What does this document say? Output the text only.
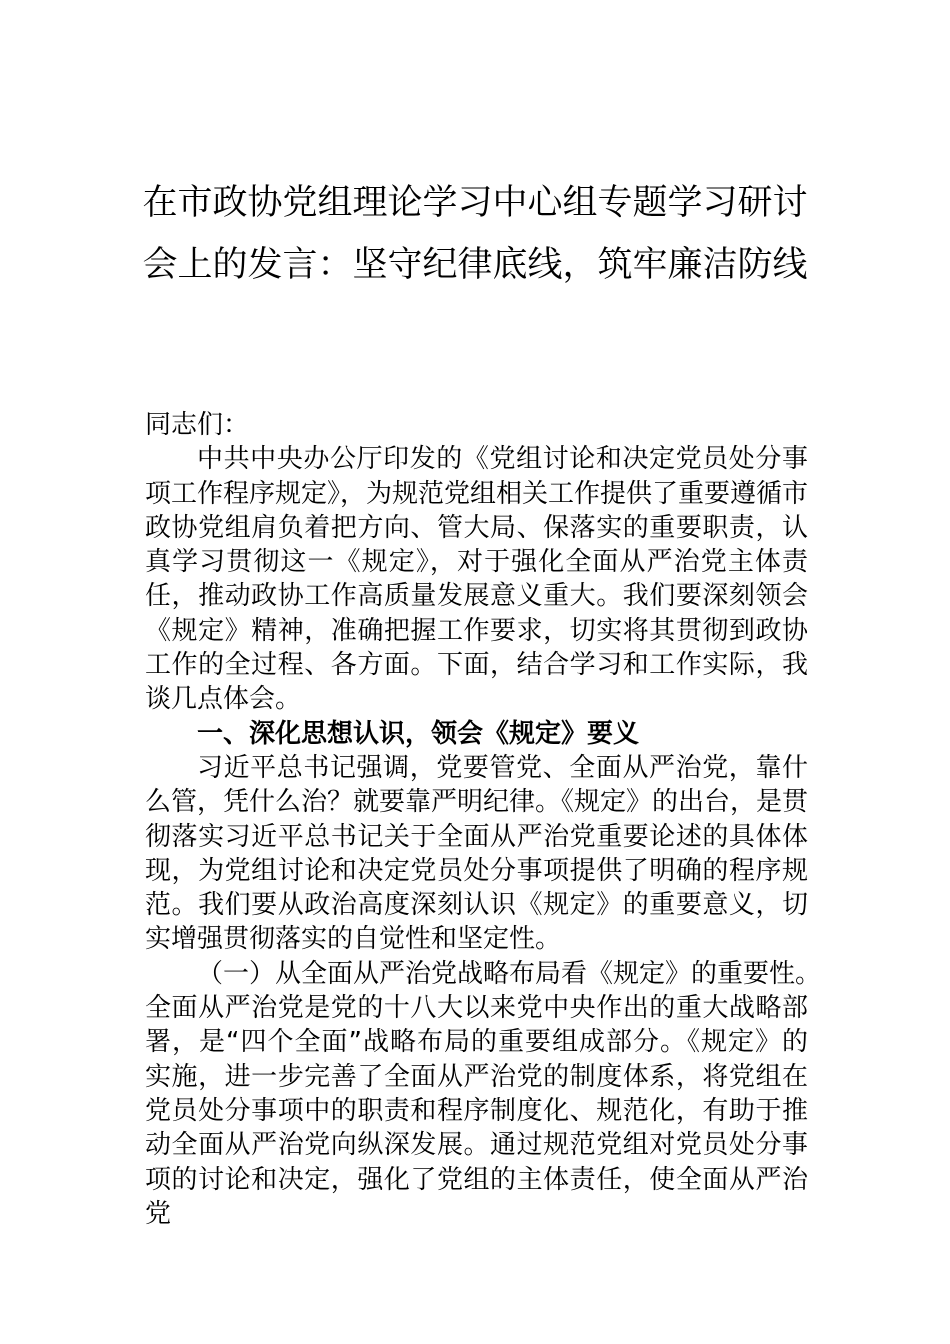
在市政协党组理论学习中心组专题学习研讨会上的发言：坚守纪律底线，筑牢廉洁防线

同志们：

中共中央办公厅印发的《党组讨论和决定党员处分事项工作程序规定》，为规范党组相关工作提供了重要遵循市政协党组肩负着把方向、管大局、保落实的重要职责，认真学习贯彻这一《规定》，对于强化全面从严治党主体责任，推动政协工作高质量发展意义重大。我们要深刻领会《规定》精神，准确把握工作要求，切实将其贯彻到政协工作的全过程、各方面。下面，结合学习和工作实际，我谈几点体会。

一、深化思想认识，领会《规定》要义

习近平总书记强调，党要管党、全面从严治党，靠什么管，凭什么治？就要靠严明纪律。《规定》的出台，是贯彻落实习近平总书记关于全面从严治党重要论述的具体体现，为党组讨论和决定党员处分事项提供了明确的程序规范。我们要从政治高度深刻认识《规定》的重要意义，切实增强贯彻落实的自觉性和坚定性。

（一）从全面从严治党战略布局看《规定》的重要性。

全面从严治党是党的十八大以来党中央作出的重大战略部署，是“四个全面”战略布局的重要组成部分。《规定》的实施，进一步完善了全面从严治党的制度体系，将党组在党员处分事项中的职责和程序制度化、规范化，有助于推动全面从严治党向纵深发展。通过规范党组对党员处分事项的讨论和决定，强化了党组的主体责任，使全面从严治党
